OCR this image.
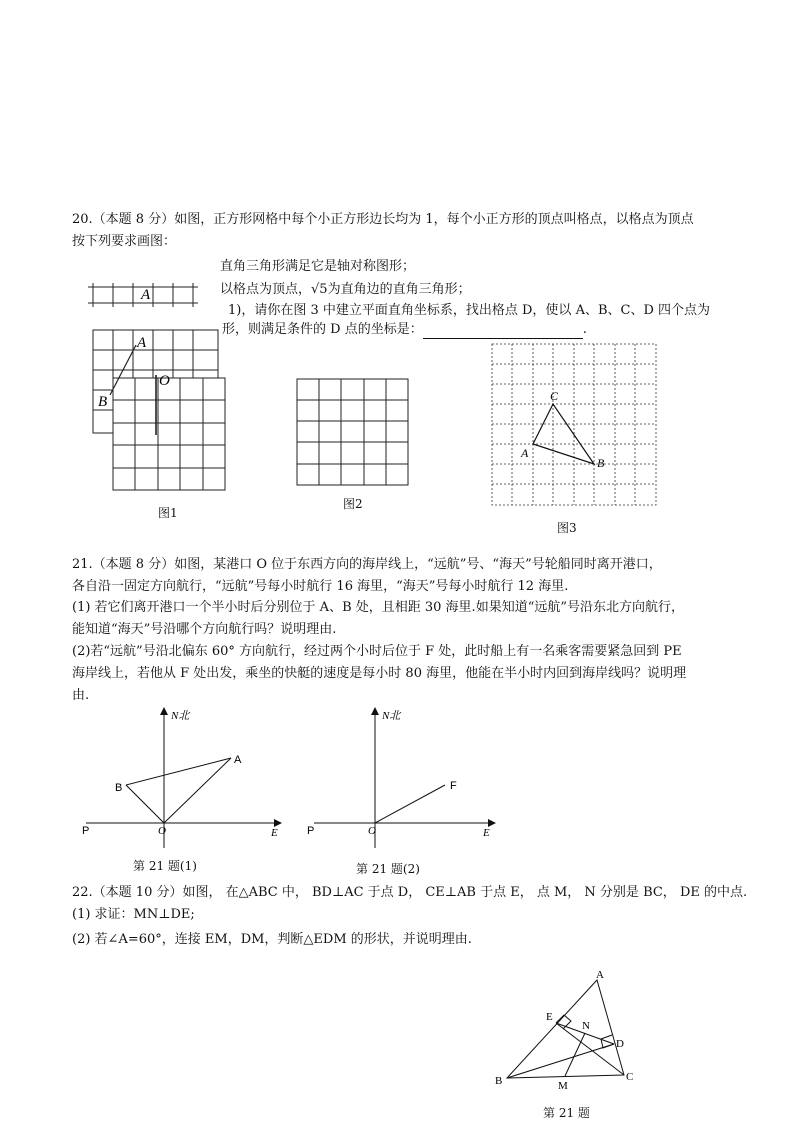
20.（本题 8 分）如图，正方形网格中每个小正方形边长均为 1，每个小正方形的顶点叫格点，以格点为顶点
按下列要求画图：
直角三角形满足它是轴对称图形；
以格点为顶点，√5为直角边的直角三角形；
1)，请你在图 3 中建立平面直角坐标系，找出格点 D，使以 A、B、C、D 四个点为
形，则满足条件的 D 点的坐标是：	.
A
A
B
O
图1
图2
C
A
B
图3
21.（本题 8 分）如图，某港口 O 位于东西方向的海岸线上，“远航”号、“海天”号轮船同时离开港口，
各自沿一固定方向航行，“远航”号每小时航行 16 海里，“海天”号每小时航行 12 海里.
(1) 若它们离开港口一个半小时后分别位于 A、B 处，且相距 30 海里.如果知道“远航”号沿东北方向航行，
能知道“海天”号沿哪个方向航行吗？说明理由.
(2)若“远航”号沿北偏东 60° 方向航行，经过两个小时后位于 F 处，此时船上有一名乘客需要紧急回到 PE
海岸线上，若他从 F 处出发，乘坐的快艇的速度是每小时 80 海里，他能在半小时内回到海岸线吗？说明理
由.
N北
A
B
P	O	E
第 21 题(1)
N北
F
P	O	E
第 21 题(2)
22.（本题 10 分）如图， 在△ABC 中， BD⊥AC 于点 D， CE⊥AB 于点 E， 点 M， N 分别是 BC， DE 的中点.
(1) 求证：MN⊥DE;
(2) 若∠A=60°，连接 EM，DM，判断△EDM 的形状，并说明理由.
A
B	C
D
E
M
N
第 21 题
